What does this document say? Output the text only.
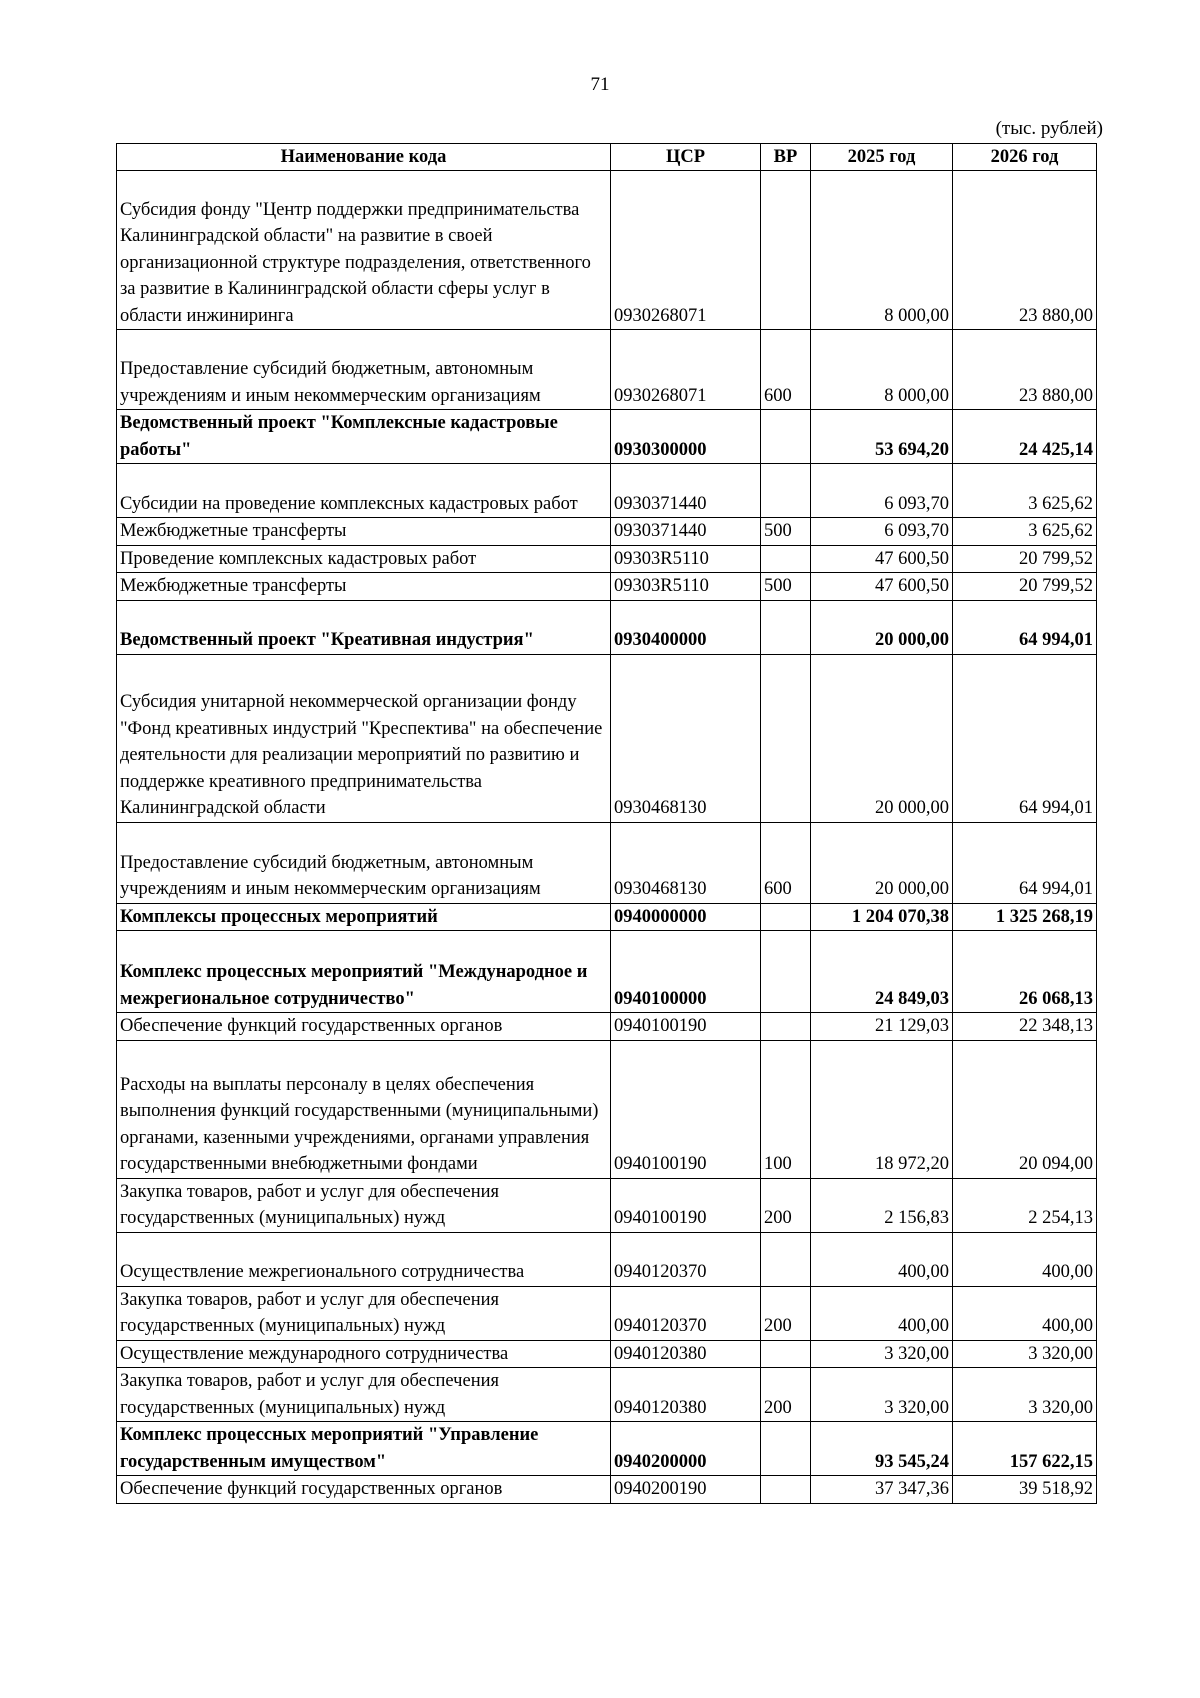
71
(тыс. рублей)
Наименование кода	ЦСР	ВР	2025 год	2026 год
Субсидия фонду "Центр поддержки предпринимательства Калининградской области" на развитие в своей организационной структуре подразделения, ответственного за развитие в Калининградской области сферы услуг в области инжиниринга	0930268071		8 000,00	23 880,00
Предоставление субсидий бюджетным, автономным учреждениям и иным некоммерческим организациям	0930268071	600	8 000,00	23 880,00
Ведомственный проект "Комплексные кадастровые работы"	0930300000		53 694,20	24 425,14
Субсидии на проведение комплексных кадастровых работ	0930371440		6 093,70	3 625,62
Межбюджетные трансферты	0930371440	500	6 093,70	3 625,62
Проведение комплексных кадастровых работ	09303R5110		47 600,50	20 799,52
Межбюджетные трансферты	09303R5110	500	47 600,50	20 799,52
Ведомственный проект "Креативная индустрия"	0930400000		20 000,00	64 994,01
Субсидия унитарной некоммерческой организации фонду "Фонд креативных индустрий "Креспектива" на обеспечение деятельности для реализации мероприятий по развитию и поддержке креативного предпринимательства Калининградской области	0930468130		20 000,00	64 994,01
Предоставление субсидий бюджетным, автономным учреждениям и иным некоммерческим организациям	0930468130	600	20 000,00	64 994,01
Комплексы процессных мероприятий	0940000000		1 204 070,38	1 325 268,19
Комплекс процессных мероприятий "Международное и межрегиональное сотрудничество"	0940100000		24 849,03	26 068,13
Обеспечение функций государственных органов	0940100190		21 129,03	22 348,13
Расходы на выплаты персоналу в целях обеспечения выполнения функций государственными (муниципальными) органами, казенными учреждениями, органами управления государственными внебюджетными фондами	0940100190	100	18 972,20	20 094,00
Закупка товаров, работ и услуг для обеспечения государственных (муниципальных) нужд	0940100190	200	2 156,83	2 254,13
Осуществление межрегионального сотрудничества	0940120370		400,00	400,00
Закупка товаров, работ и услуг для обеспечения государственных (муниципальных) нужд	0940120370	200	400,00	400,00
Осуществление международного сотрудничества	0940120380		3 320,00	3 320,00
Закупка товаров, работ и услуг для обеспечения государственных (муниципальных) нужд	0940120380	200	3 320,00	3 320,00
Комплекс процессных мероприятий "Управление государственным имуществом"	0940200000		93 545,24	157 622,15
Обеспечение функций государственных органов	0940200190		37 347,36	39 518,92
